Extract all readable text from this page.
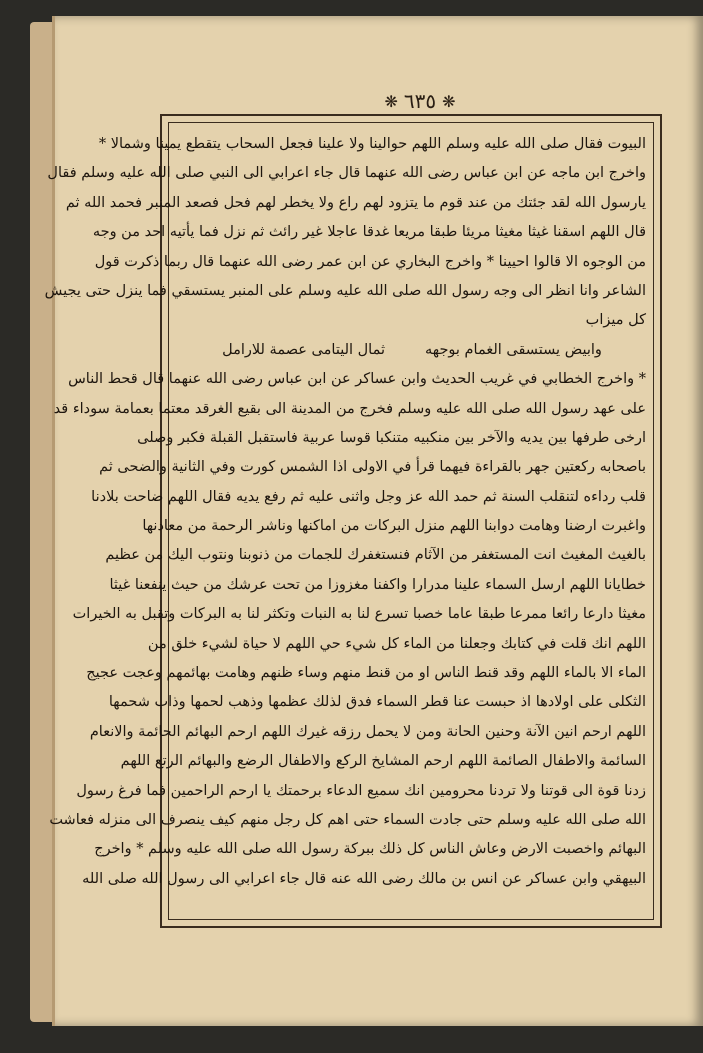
❋ ٦٣٥ ❋
البيوت فقال صلى الله عليه وسلم اللهم حوالينا ولا علينا فجعل السحاب يتقطع يمينا وشمالا *
واخرج ابن ماجه عن ابن عباس رضى الله عنهما قال جاء اعرابي الى النبي صلى الله عليه وسلم فقال
يارسول الله لقد جئتك من عند قوم ما يتزود لهم راع ولا يخطر لهم فحل فصعد المنبر فحمد الله ثم
قال اللهم اسقنا غيثا مغيثا مريئا طبقا مريعا غدقا عاجلا غير رائث ثم نزل فما يأتيه احد من وجه
من الوجوه الا قالوا احيينا * واخرج البخاري عن ابن عمر رضى الله عنهما قال ربما ذكرت قول
الشاعر وانا انظر الى وجه رسول الله صلى الله عليه وسلم على المنبر يستسقي فما ينزل حتى يجيش
كل ميزاب
وابيض يستسقى الغمام بوجهه
ثمال اليتامى عصمة للارامل
* واخرج الخطابي في غريب الحديث وابن عساكر عن ابن عباس رضى الله عنهما قال قحط الناس
على عهد رسول الله صلى الله عليه وسلم فخرج من المدينة الى بقيع الغرقد معتما بعمامة سوداء قد
ارخى طرفها بين يديه والآخر بين منكبيه متنكبا قوسا عربية فاستقبل القبلة فكبر وصلى
باصحابه ركعتين جهر بالقراءة فيهما قرأ في الاولى اذا الشمس كورت وفي الثانية والضحى ثم
قلب رداءه لتنقلب السنة ثم حمد الله عز وجل واثنى عليه ثم رفع يديه فقال اللهم ضاحت بلادنا
واغبرت ارضنا وهامت دوابنا اللهم منزل البركات من اماكنها وناشر الرحمة من معادنها
بالغيث المغيث انت المستغفر من الآثام فنستغفرك للجمات من ذنوبنا ونتوب اليك من عظيم
خطايانا اللهم ارسل السماء علينا مدرارا واكفنا مغزوزا من تحت عرشك من حيث ينفعنا غيثا
مغيثا دارعا رائعا ممرعا طبقا عاما خصبا تسرع لنا به النبات وتكثر لنا به البركات وتقبل به الخيرات
اللهم انك قلت في كتابك وجعلنا من الماء كل شيء حي اللهم لا حياة لشيء خلق من
الماء الا بالماء اللهم وقد قنط الناس او من قنط منهم وساء ظنهم وهامت بهائمهم وعجت عجيج
الثكلى على اولادها اذ حبست عنا قطر السماء فدق لذلك عظمها وذهب لحمها وذاب شحمها
اللهم ارحم انين الآنة وحنين الحانة ومن لا يحمل رزقه غيرك اللهم ارحم البهائم الحائمة والانعام
السائمة والاطفال الصائمة اللهم ارحم المشايخ الركع والاطفال الرضع والبهائم الرتع اللهم
زدنا قوة الى قوتنا ولا تردنا محرومين انك سميع الدعاء برحمتك يا ارحم الراحمين فما فرغ رسول
الله صلى الله عليه وسلم حتى جادت السماء حتى اهم كل رجل منهم كيف ينصرف الى منزله فعاشت
البهائم واخصبت الارض وعاش الناس كل ذلك ببركة رسول الله صلى الله عليه وسلم * واخرج
البيهقي وابن عساكر عن انس بن مالك رضى الله عنه قال جاء اعرابي الى رسول الله صلى الله
